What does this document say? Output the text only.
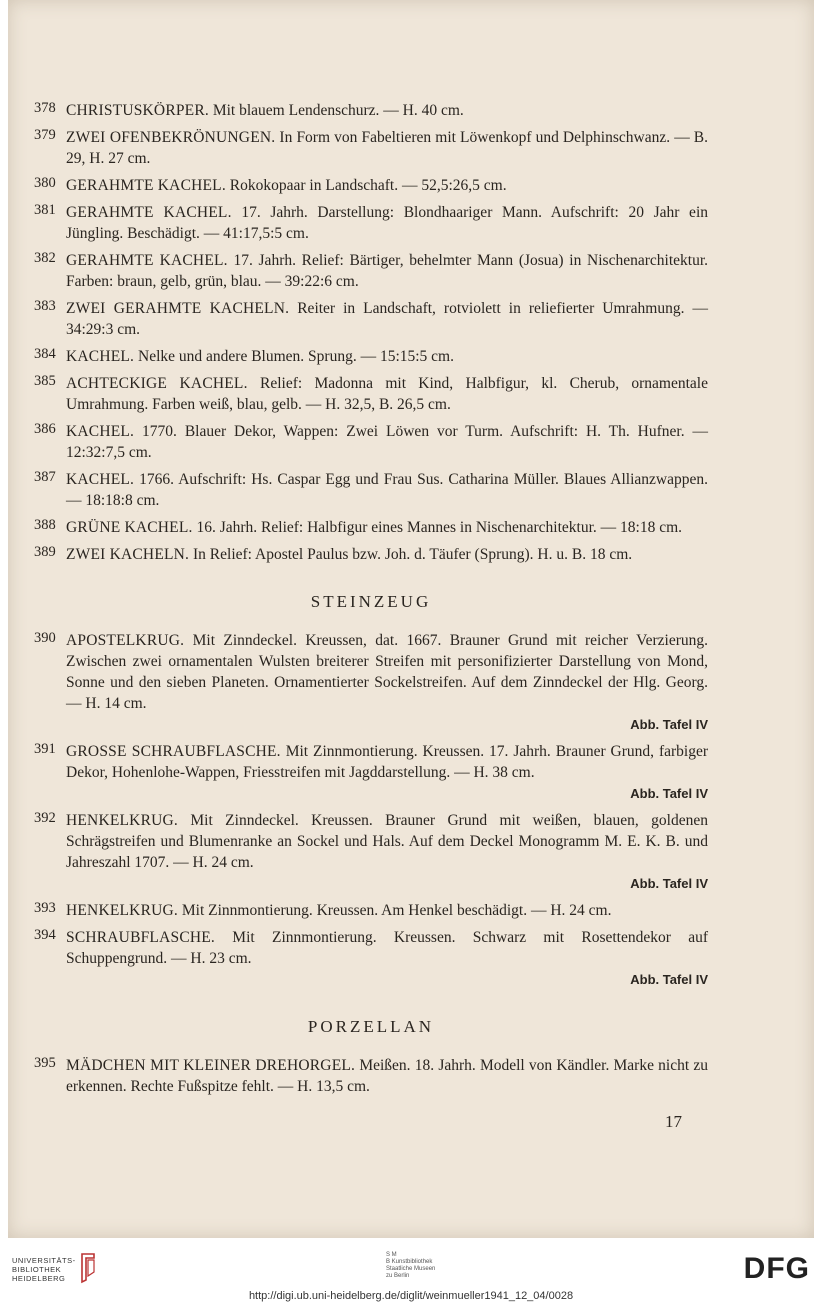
378 CHRISTUSKÖRPER. Mit blauem Lendenschurz. — H. 40 cm.
379 ZWEI OFENBEKRÖNUNGEN. In Form von Fabeltieren mit Löwenkopf und Delphinschwanz. — B. 29, H. 27 cm.
380 GERAHMTE KACHEL. Rokokopaar in Landschaft. — 52,5:26,5 cm.
381 GERAHMTE KACHEL. 17. Jahrh. Darstellung: Blondhaariger Mann. Aufschrift: 20 Jahr ein Jüngling. Beschädigt. — 41:17,5:5 cm.
382 GERAHMTE KACHEL. 17. Jahrh. Relief: Bärtiger, behelmter Mann (Josua) in Nischenarchitektur. Farben: braun, gelb, grün, blau. — 39:22:6 cm.
383 ZWEI GERAHMTE KACHELN. Reiter in Landschaft, rotviolett in reliefierter Umrahmung. — 34:29:3 cm.
384 KACHEL. Nelke und andere Blumen. Sprung. — 15:15:5 cm.
385 ACHTECKIGE KACHEL. Relief: Madonna mit Kind, Halbfigur, kl. Cherub, ornamentale Umrahmung. Farben weiß, blau, gelb. — H. 32,5, B. 26,5 cm.
386 KACHEL. 1770. Blauer Dekor, Wappen: Zwei Löwen vor Turm. Aufschrift: H. Th. Hufner. — 12:32:7,5 cm.
387 KACHEL. 1766. Aufschrift: Hs. Caspar Egg und Frau Sus. Catharina Müller. Blaues Allianzwappen. — 18:18:8 cm.
388 GRÜNE KACHEL. 16. Jahrh. Relief: Halbfigur eines Mannes in Nischenarchitektur. — 18:18 cm.
389 ZWEI KACHELN. In Relief: Apostel Paulus bzw. Joh. d. Täufer (Sprung). H. u. B. 18 cm.
STEINZEUG
390 APOSTELKRUG. Mit Zinndeckel. Kreussen, dat. 1667. Brauner Grund mit reicher Verzierung. Zwischen zwei ornamentalen Wulsten breiterer Streifen mit personifizierter Darstellung von Mond, Sonne und den sieben Planeten. Ornamentierter Sockelstreifen. Auf dem Zinndeckel der Hlg. Georg. — H. 14 cm.
Abb. Tafel IV
391 GROSSE SCHRAUBFLASCHE. Mit Zinnmontierung. Kreussen. 17. Jahrh. Brauner Grund, farbiger Dekor, Hohenlohe-Wappen, Friesstreifen mit Jagddarstellung. — H. 38 cm.
Abb. Tafel IV
392 HENKELKRUG. Mit Zinndeckel. Kreussen. Brauner Grund mit weißen, blauen, goldenen Schrägstreifen und Blumenranke an Sockel und Hals. Auf dem Deckel Monogramm M. E. K. B. und Jahreszahl 1707. — H. 24 cm.
Abb. Tafel IV
393 HENKELKRUG. Mit Zinnmontierung. Kreussen. Am Henkel beschädigt. — H. 24 cm.
394 SCHRAUBFLASCHE. Mit Zinnmontierung. Kreussen. Schwarz mit Rosettendekor auf Schuppengrund. — H. 23 cm.
Abb. Tafel IV
PORZELLAN
395 MÄDCHEN MIT KLEINER DREHORGEL. Meißen. 18. Jahrh. Modell von Kändler. Marke nicht zu erkennen. Rechte Fußspitze fehlt. — H. 13,5 cm.
17
UNIVERSITÄTS-
BIBLIOTHEK
HEIDELBERG
S M
B Kunstbibliothek
Staatliche Museen
zu Berlin	DFG
http://digi.ub.uni-heidelberg.de/diglit/weinmueller1941_12_04/0028
